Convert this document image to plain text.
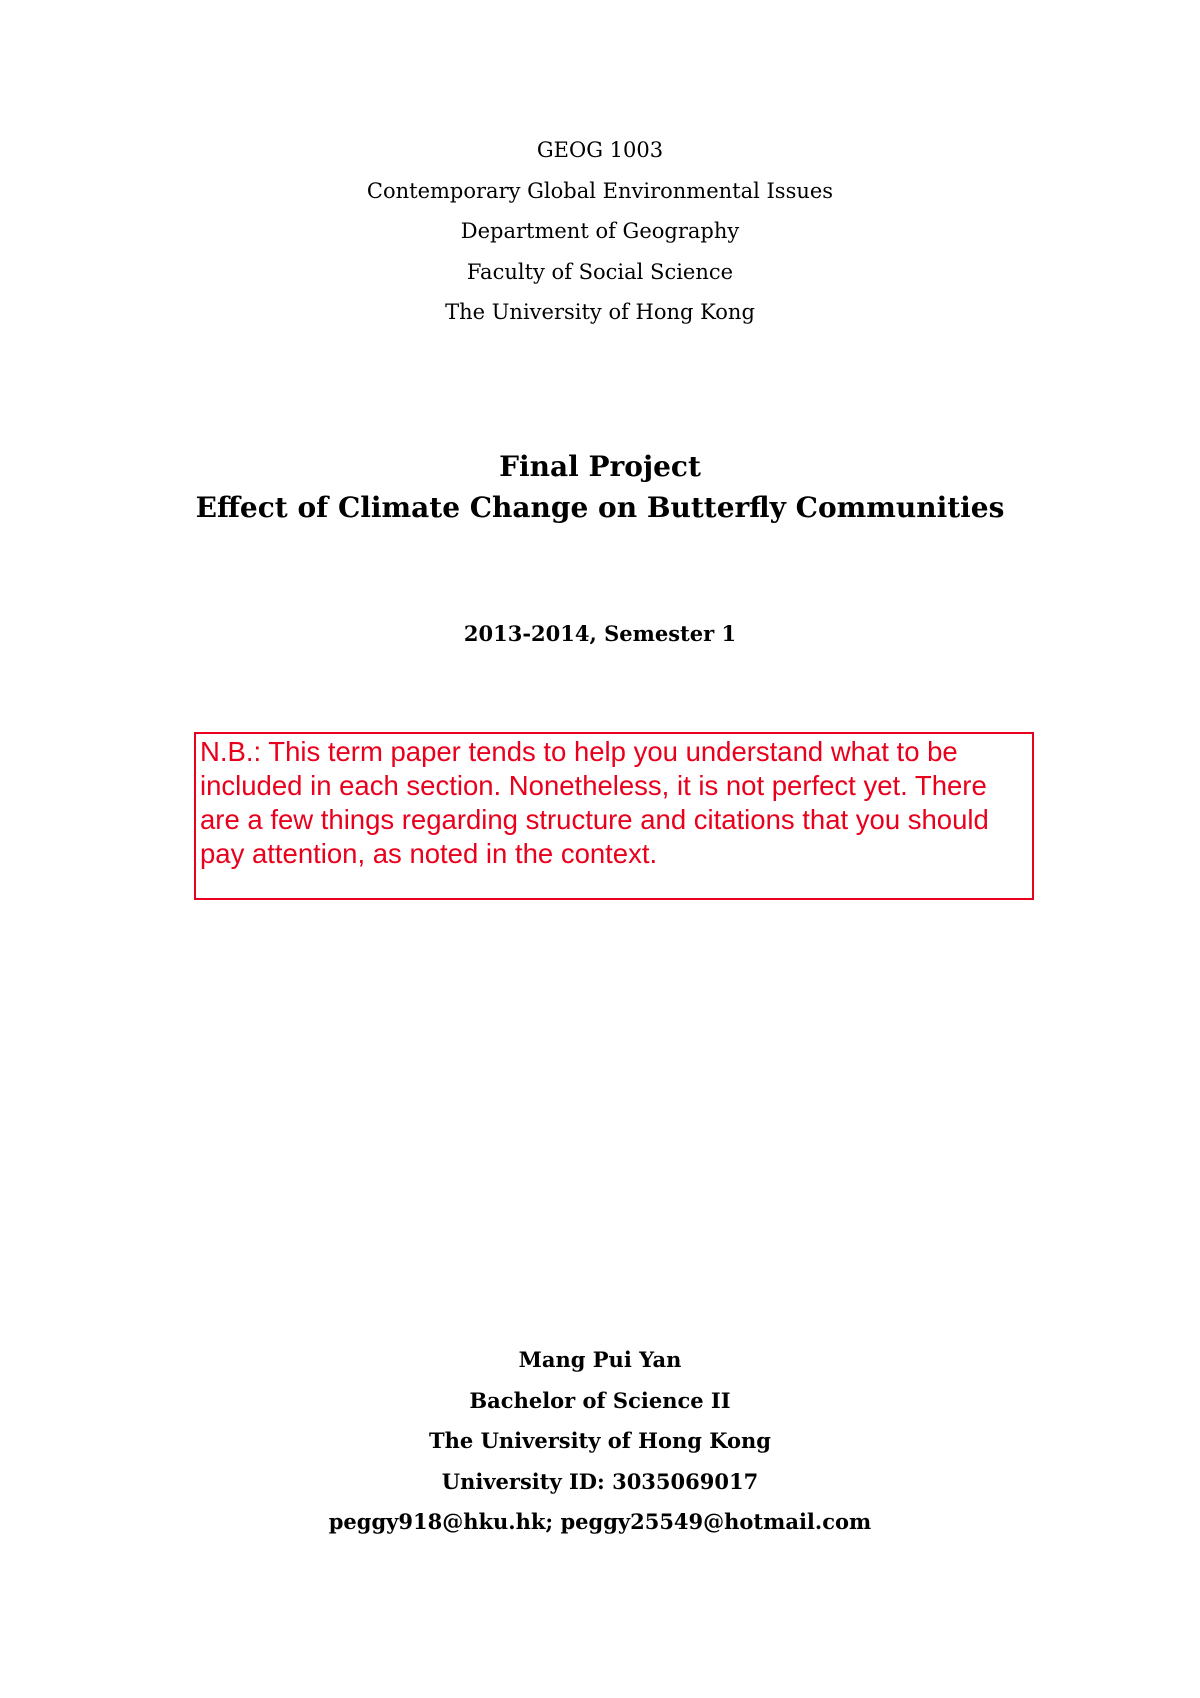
GEOG 1003
Contemporary Global Environmental Issues
Department of Geography
Faculty of Social Science
The University of Hong Kong
Final Project
Effect of Climate Change on Butterfly Communities
2013-2014, Semester 1
N.B.: This term paper tends to help you understand what to be included in each section. Nonetheless, it is not perfect yet. There are a few things regarding structure and citations that you should pay attention, as noted in the context.
Mang Pui Yan
Bachelor of Science II
The University of Hong Kong
University ID: 3035069017
peggy918@hku.hk; peggy25549@hotmail.com
